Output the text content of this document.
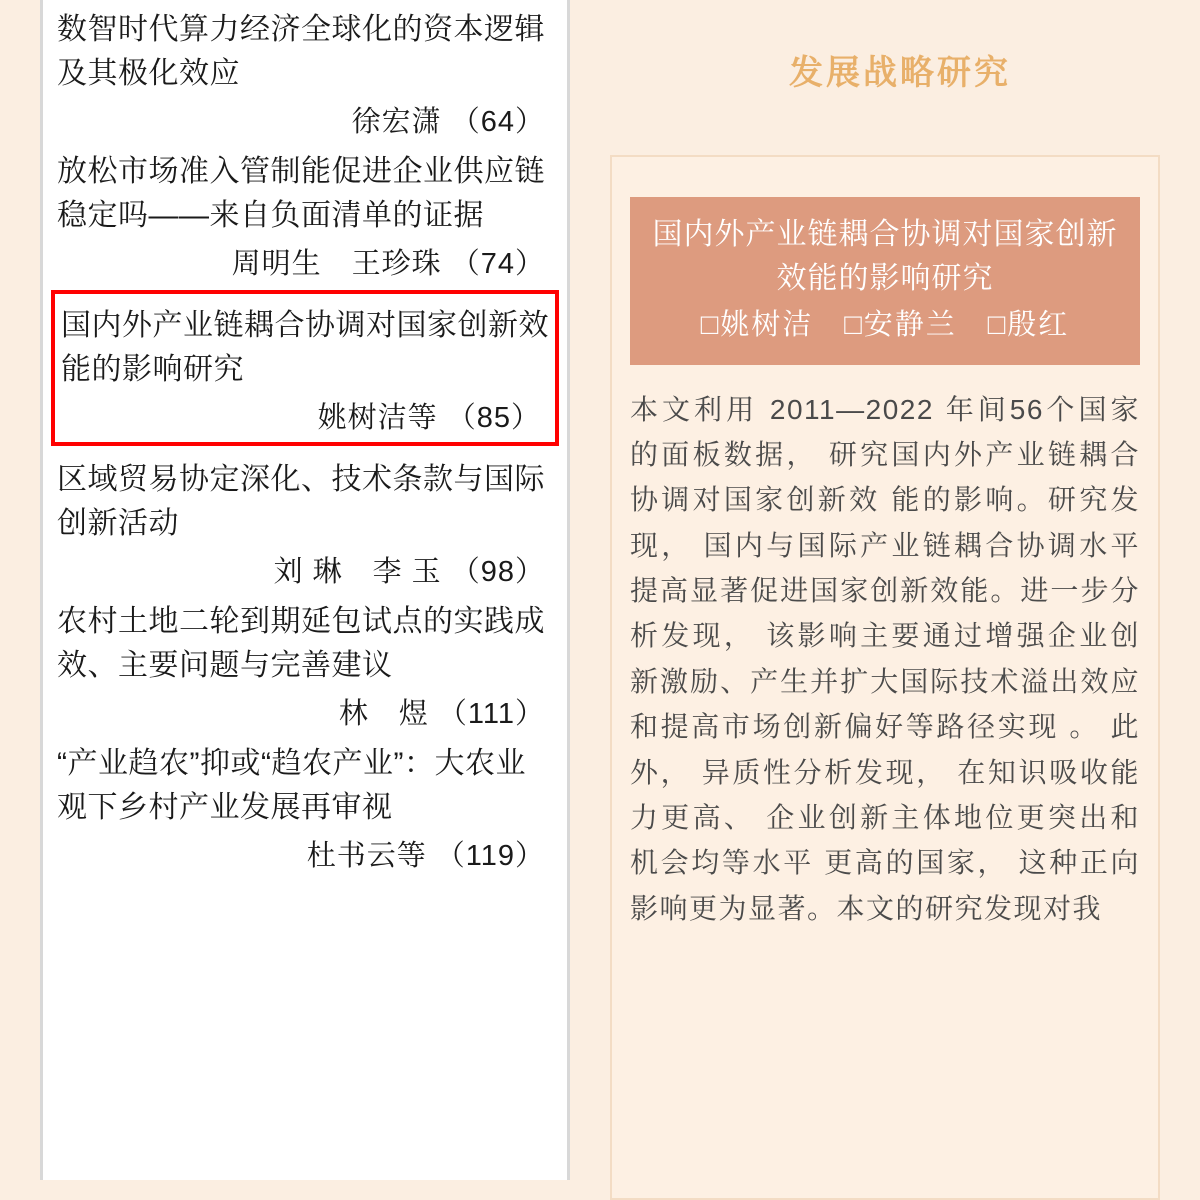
数智时代算力经济全球化的资本逻辑及其极化效应
徐宏潇 （64）
放松市场准入管制能促进企业供应链稳定吗——来自负面清单的证据
周明生　王珍珠 （74）
国内外产业链耦合协调对国家创新效能的影响研究
姚树洁等 （85）
区域贸易协定深化、技术条款与国际创新活动
刘 琳　李 玉 （98）
农村土地二轮到期延包试点的实践成效、主要问题与完善建议
林　煜 （111）
“产业趋农”抑或“趋农产业”：大农业观下乡村产业发展再审视
杜书云等 （119）
发展战略研究
国内外产业链耦合协调对国家创新效能的影响研究
□姚树洁　□安静兰　□殷红
本文利用 2011—2022 年间56个国家的面板数据， 研究国内外产业链耦合协调对国家创新效 能的影响。研究发现， 国内与国际产业链耦合协调水平提高显著促进国家创新效能。进一步分析发现， 该影响主要通过增强企业创新激励、产生并扩大国际技术溢出效应和提高市场创新偏好等路径实现 。 此外， 异质性分析发现， 在知识吸收能力更高、 企业创新主体地位更突出和机会均等水平 更高的国家， 这种正向影响更为显著。本文的研究发现对我
